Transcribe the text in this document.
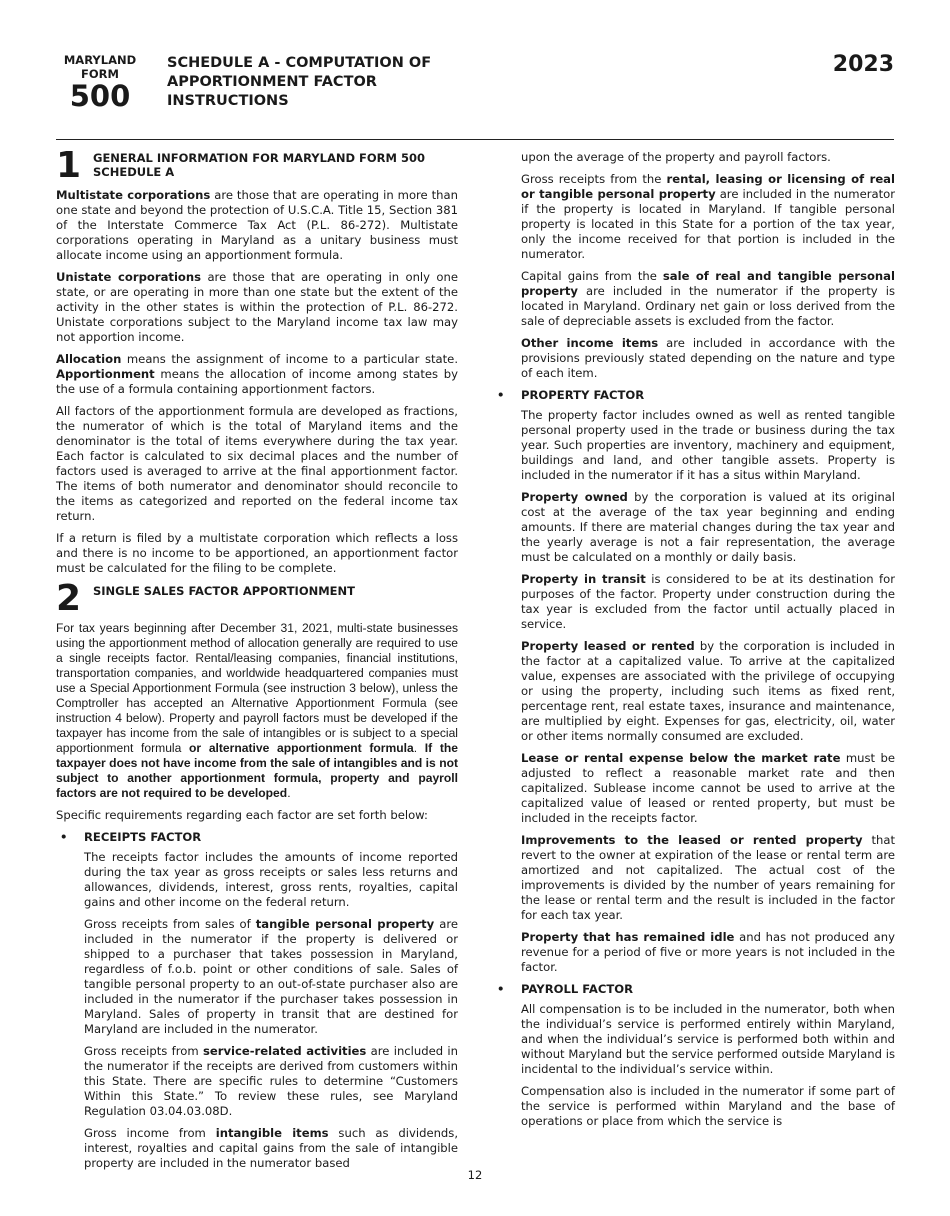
MARYLAND
FORM
500
SCHEDULE A - COMPUTATION OF
APPORTIONMENT FACTOR
INSTRUCTIONS
2023
1	GENERAL INFORMATION FOR MARYLAND FORM 500 SCHEDULE A

Multistate corporations are those that are operating in more than one state and beyond the protection of U.S.C.A. Title 15, Section 381 of the Interstate Commerce Tax Act (P.L. 86-272). Multistate corporations operating in Maryland as a unitary business must allocate income using an apportionment formula.

Unistate corporations are those that are operating in only one state, or are operating in more than one state but the extent of the activity in the other states is within the protection of P.L. 86-272. Unistate corporations subject to the Maryland income tax law may not apportion income.

Allocation means the assignment of income to a particular state. Apportionment means the allocation of income among states by the use of a formula containing apportionment factors.

All factors of the apportionment formula are developed as fractions, the numerator of which is the total of Maryland items and the denominator is the total of items everywhere during the tax year. Each factor is calculated to six decimal places and the number of factors used is averaged to arrive at the final apportionment factor. The items of both numerator and denominator should reconcile to the items as categorized and reported on the federal income tax return.

If a return is filed by a multistate corporation which reflects a loss and there is no income to be apportioned, an apportionment factor must be calculated for the filing to be complete.

2	SINGLE SALES FACTOR APPORTIONMENT

For tax years beginning after December 31, 2021, multi-state businesses using the apportionment method of allocation generally are required to use a single receipts factor. Rental/leasing companies, financial institutions, transportation companies, and worldwide headquartered companies must use a Special Apportionment Formula (see instruction 3 below), unless the Comptroller has accepted an Alternative Apportionment Formula (see instruction 4 below). Property and payroll factors must be developed if the taxpayer has income from the sale of intangibles or is subject to a special apportionment formula or alternative apportionment formula. If the taxpayer does not have income from the sale of intangibles and is not subject to another apportionment formula, property and payroll factors are not required to be developed.

Specific requirements regarding each factor are set forth below:

•	RECEIPTS FACTOR

The receipts factor includes the amounts of income reported during the tax year as gross receipts or sales less returns and allowances, dividends, interest, gross rents, royalties, capital gains and other income on the federal return.

Gross receipts from sales of tangible personal property are included in the numerator if the property is delivered or shipped to a purchaser that takes possession in Maryland, regardless of f.o.b. point or other conditions of sale. Sales of tangible personal property to an out-of-state purchaser also are included in the numerator if the purchaser takes possession in Maryland. Sales of property in transit that are destined for Maryland are included in the numerator.

Gross receipts from service-related activities are included in the numerator if the receipts are derived from customers within this State. There are specific rules to determine “Customers Within this State.” To review these rules, see Maryland Regulation 03.04.03.08D.

Gross income from intangible items such as dividends, interest, royalties and capital gains from the sale of intangible property are included in the numerator based

upon the average of the property and payroll factors.

Gross receipts from the rental, leasing or licensing of real or tangible personal property are included in the numerator if the property is located in Maryland. If tangible personal property is located in this State for a portion of the tax year, only the income received for that portion is included in the numerator.

Capital gains from the sale of real and tangible personal property are included in the numerator if the property is located in Maryland. Ordinary net gain or loss derived from the sale of depreciable assets is excluded from the factor.

Other income items are included in accordance with the provisions previously stated depending on the nature and type of each item.

•	PROPERTY FACTOR

The property factor includes owned as well as rented tangible personal property used in the trade or business during the tax year. Such properties are inventory, machinery and equipment, buildings and land, and other tangible assets. Property is included in the numerator if it has a situs within Maryland.

Property owned by the corporation is valued at its original cost at the average of the tax year beginning and ending amounts. If there are material changes during the tax year and the yearly average is not a fair representation, the average must be calculated on a monthly or daily basis.

Property in transit is considered to be at its destination for purposes of the factor. Property under construction during the tax year is excluded from the factor until actually placed in service.

Property leased or rented by the corporation is included in the factor at a capitalized value. To arrive at the capitalized value, expenses are associated with the privilege of occupying or using the property, including such items as fixed rent, percentage rent, real estate taxes, insurance and maintenance, are multiplied by eight. Expenses for gas, electricity, oil, water or other items normally consumed are excluded.

Lease or rental expense below the market rate must be adjusted to reflect a reasonable market rate and then capitalized. Sublease income cannot be used to arrive at the capitalized value of leased or rented property, but must be included in the receipts factor.

Improvements to the leased or rented property that revert to the owner at expiration of the lease or rental term are amortized and not capitalized. The actual cost of the improvements is divided by the number of years remaining for the lease or rental term and the result is included in the factor for each tax year.

Property that has remained idle and has not produced any revenue for a period of five or more years is not included in the factor.

•	PAYROLL FACTOR

All compensation is to be included in the numerator, both when the individual’s service is performed entirely within Maryland, and when the individual’s service is performed both within and without Maryland but the service performed outside Maryland is incidental to the individual’s service within.

Compensation also is included in the numerator if some part of the service is performed within Maryland and the base of operations or place from which the service is

12
